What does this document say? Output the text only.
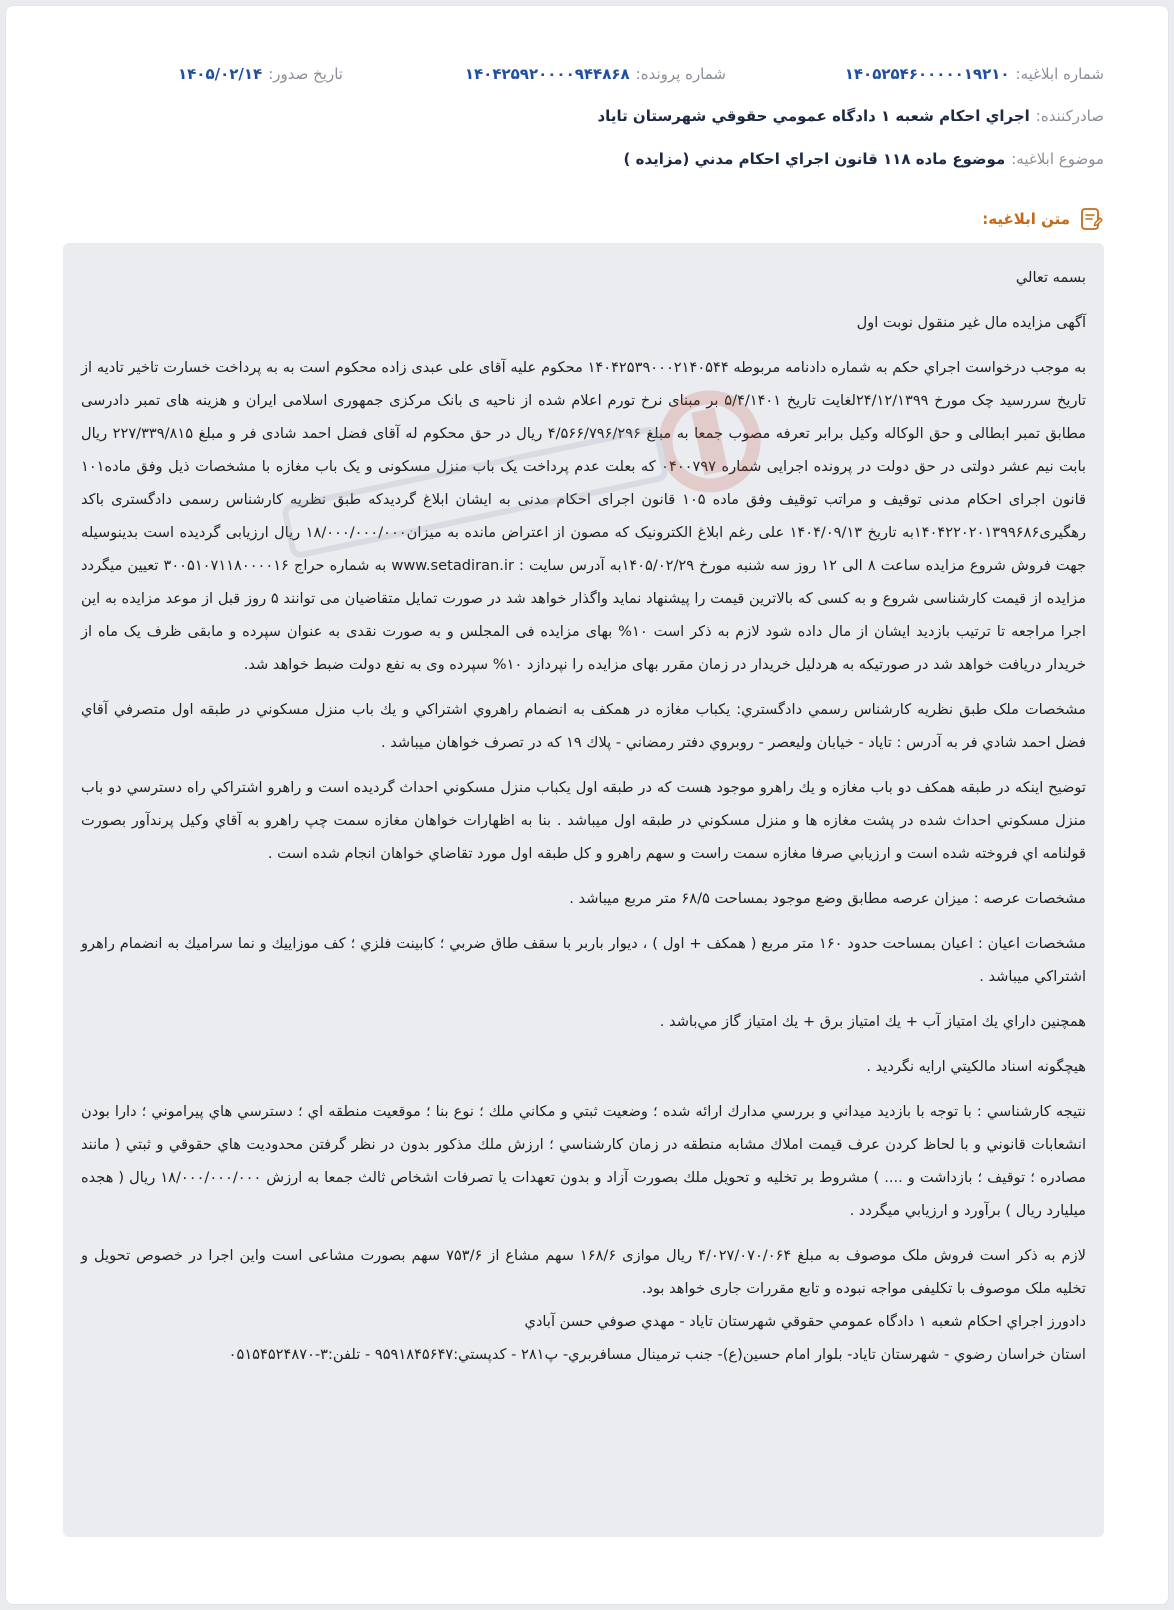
شماره ابلاغيه:
۱۴۰۵۲۵۴۶۰۰۰۰۰۱۹۲۱۰
شماره پرونده:
۱۴۰۴۲۵۹۲۰۰۰۰۹۴۴۸۶۸
تاريخ صدور:
۱۴۰۵/۰۲/۱۴
صادرکننده:
اجراي احکام شعبه ۱ دادگاه عمومي حقوقي شهرستان تاياد
موضوع ابلاغيه:
موضوع ماده ۱۱۸ قانون اجراي احکام مدني (مزايده )
متن ابلاغيه:

بسمه تعالي

آگهی مزایده مال غیر منقول نوبت اول

به موجب درخواست اجراي حکم به شماره دادنامه مربوطه ۱۴۰۴۲۵۳۹۰۰۰۲۱۴۰۵۴۴ محکوم علیه آقای علی عبدی زاده محکوم است به به پرداخت خسارت تاخیر تادیه از تاریخ سررسید چک مورخ ۲۴/۱۲/۱۳۹۹لغایت تاریخ ۵/۴/۱۴۰۱ بر مبنای نرخ تورم اعلام شده از ناحیه ی بانک مرکزی جمهوری اسلامی ایران و هزینه های تمبر دادرسی مطابق تمبر ابطالی و حق الوکاله وکیل برابر تعرفه مصوب جمعا به مبلغ ۴/۵۶۶/۷۹۶/۲۹۶ ریال در حق محکوم له آقای فضل احمد شادی فر و مبلغ ۲۲۷/۳۳۹/۸۱۵ ریال بابت نیم عشر دولتی در حق دولت در پرونده اجرایی شماره ۰۴۰۰۷۹۷ که بعلت عدم پرداخت یک باب منزل مسکونی و یک باب مغازه با مشخصات ذیل وفق ماده۱۰۱ قانون اجرای احکام مدنی توقیف و مراتب توقیف وفق ماده ۱۰۵ قانون اجرای احکام مدنی به ایشان ابلاغ گردیدکه طبق نظریه کارشناس رسمی دادگستری باکد رهگیری۱۴۰۴۲۲۰۲۰۱۳۹۹۶۸۶به تاریخ ۱۴۰۴/۰۹/۱۳ علی رغم ابلاغ الکترونیک که مصون از اعتراض مانده به میزان۱۸/۰۰۰/۰۰۰/۰۰۰ ریال ارزیابی گردیده است بدینوسیله جهت فروش شروع مزایده ساعت ۸ الی ۱۲ روز سه شنبه مورخ ۱۴۰۵/۰۲/۲۹به آدرس سایت : www.setadiran.ir به شماره حراج ۳۰۰۵۱۰۷۱۱۸۰۰۰۰۱۶ تعیین میگردد مزایده از قیمت کارشناسی شروع و به کسی که بالاترین قیمت را پیشنهاد نماید واگذار خواهد شد در صورت تمایل متقاضیان می توانند ۵ روز قبل از موعد مزایده به این اجرا مراجعه تا ترتیب بازدید ایشان از مال داده شود لازم به ذکر است ۱۰% بهای مزایده فی المجلس و به صورت نقدی به عنوان سپرده و مابقی ظرف یک ماه از خریدار دریافت خواهد شد در صورتیکه به هردلیل خریدار در زمان مقرر بهای مزایده را نپردازد ۱۰% سپرده وی به نفع دولت ضبط خواهد شد.

مشخصات ملک طبق نظريه کارشناس رسمي دادگستري: يکباب مغازه در همکف به انضمام راهروي اشتراکي و يك باب منزل مسکوني در طبقه اول متصرفي آقاي فضل احمد شادي فر به آدرس : تاياد - خيابان وليعصر - روبروي دفتر رمضاني - پلاك ۱۹ كه در تصرف خواهان ميباشد .

توضيح اينكه در طبقه همكف دو باب مغازه و يك راهرو موجود هست كه در طبقه اول يكباب منزل مسكوني احداث گرديده است و راهرو اشتراكي راه دسترسي دو باب منزل مسكوني احداث شده در پشت مغازه ها و منزل مسكوني در طبقه اول ميباشد . بنا به اظهارات خواهان مغازه سمت چپ راهرو به آقاي وكيل پرندآور بصورت قولنامه اي فروخته شده است و ارزيابي صرفا مغازه سمت راست و سهم راهرو و كل طبقه اول مورد تقاضاي خواهان انجام شده است .

مشخصات عرصه : ميزان عرصه مطابق وضع موجود بمساحت ۶۸/۵ متر مربع ميباشد .

مشخصات اعيان : اعيان بمساحت حدود ۱۶۰ متر مربع ( همكف + اول ) ، ديوار باربر با سقف طاق ضربي ؛ كابينت فلزي ؛ كف موزاييك و نما سراميك به انضمام راهرو اشتراكي ميباشد .

همچنين داراي يك امتياز آب + يك امتياز برق + يك امتياز گاز مي‌باشد .

هيچگونه اسناد مالكيتي ارايه نگرديد .

نتيجه كارشناسي : با توجه با بازديد ميداني و بررسي مدارك ارائه شده ؛ وضعيت ثبتي و مكاني ملك ؛ نوع بنا ؛ موقعيت منطقه اي ؛ دسترسي هاي پيراموني ؛ دارا بودن انشعابات قانوني و با لحاظ كردن عرف قيمت املاك مشابه منطقه در زمان كارشناسي ؛ ارزش ملك مذكور بدون در نظر گرفتن محدوديت هاي حقوقي و ثبتي ( مانند مصادره ؛ توقيف ؛ بازداشت و .... ) مشروط بر تخليه و تحويل ملك بصورت آزاد و بدون تعهدات يا تصرفات اشخاص ثالث جمعا به ارزش ۱۸/۰۰۰/۰۰۰/۰۰۰ ريال ( هجده ميليارد ريال ) برآورد و ارزيابي ميگردد .

لازم به ذکر است فروش ملک موصوف به مبلغ ۴/۰۲۷/۰۷۰/۰۶۴ ریال موازی ۱۶۸/۶ سهم مشاع از ۷۵۳/۶ سهم بصورت مشاعی است واین اجرا در خصوص تحویل و تخلیه ملک موصوف با تکلیفی مواجه نبوده و تابع مقررات جاری خواهد بود.

دادورز اجراي احکام شعبه ۱ دادگاه عمومي حقوقي شهرستان تاياد - مهدي صوفي حسن آبادي

استان خراسان رضوي - شهرستان تاياد- بلوار امام حسين(ع)- جنب ترمينال مسافربري- پ۲۸۱ - کدپستي:۹۵۹۱۸۴۵۶۴۷ - تلفن:۳-۰۵۱۵۴۵۲۴۸۷۰
